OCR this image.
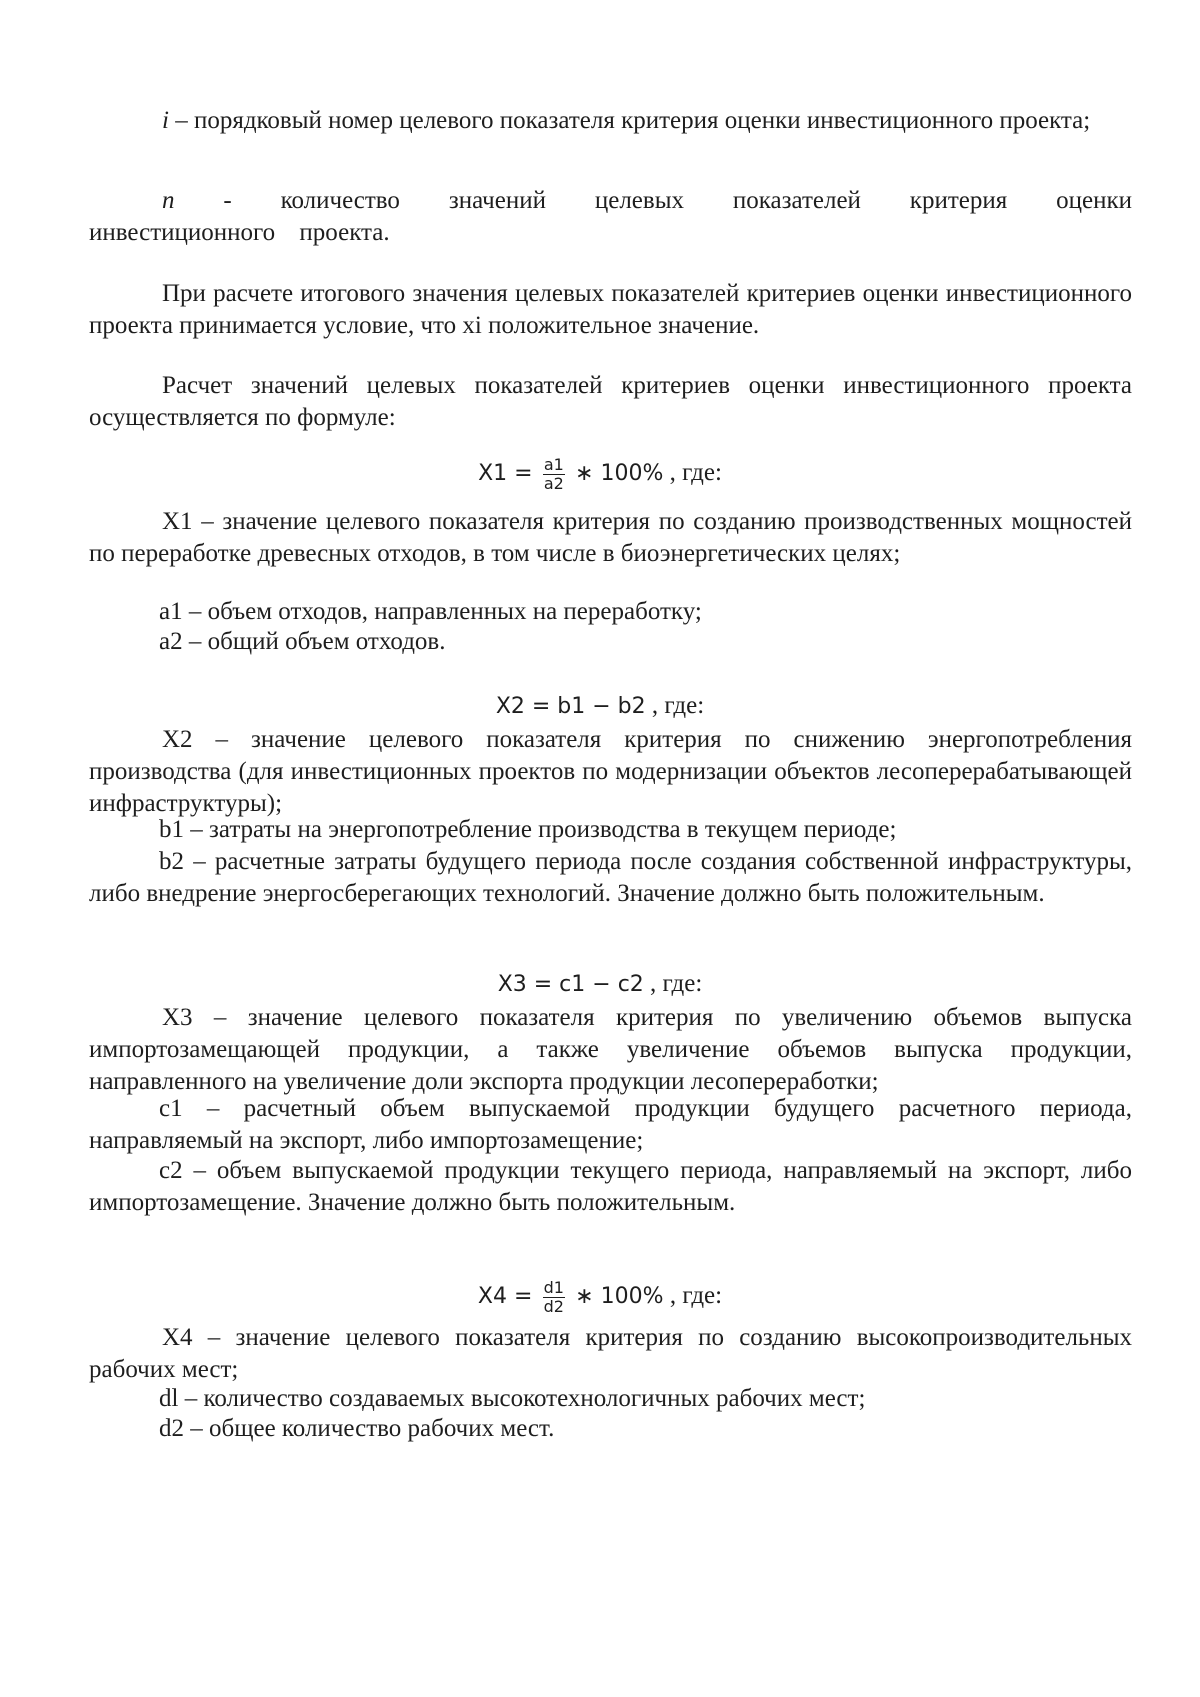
i – порядковый номер целевого показателя критерия оценки инвестиционного проекта;

n - количество значений целевых показателей критерия оценки инвестиционного проекта.

При расчете итогового значения целевых показателей критериев оценки инвестиционного проекта принимается условие, что xi положительное значение.

Расчет значений целевых показателей критериев оценки инвестиционного проекта осуществляется по формуле:

$X1 = \frac{a1}{a2}$ ∗ 100% , где:

X1 – значение целевого показателя критерия по созданию производственных мощностей по переработке древесных отходов, в том числе в биоэнергетических целях;

a1 – объем отходов, направленных на переработку;

a2 – общий объем отходов.

X2 = b1 − b2 , где:

X2 – значение целевого показателя критерия по снижению энергопотребления производства (для инвестиционных проектов по модернизации объектов лесоперерабатывающей инфраструктуры);

b1 – затраты на энергопотребление производства в текущем периоде;

b2 – расчетные затраты будущего периода после создания собственной инфраструктуры, либо внедрение энергосберегающих технологий. Значение должно быть положительным.

X3 = c1 − c2 , где:

X3 – значение целевого показателя критерия по увеличению объемов выпуска импортозамещающей продукции, а также увеличение объемов выпуска продукции, направленного на увеличение доли экспорта продукции лесопереработки;

c1 – расчетный объем выпускаемой продукции будущего расчетного периода, направляемый на экспорт, либо импортозамещение;

c2 – объем выпускаемой продукции текущего периода, направляемый на экспорт, либо импортозамещение. Значение должно быть положительным.

$X4 = \frac{d1}{d2}$ ∗ 100% , где:

X4 – значение целевого показателя критерия по созданию высокопроизводительных рабочих мест;

dl – количество создаваемых высокотехнологичных рабочих мест;

d2 – общее количество рабочих мест.
